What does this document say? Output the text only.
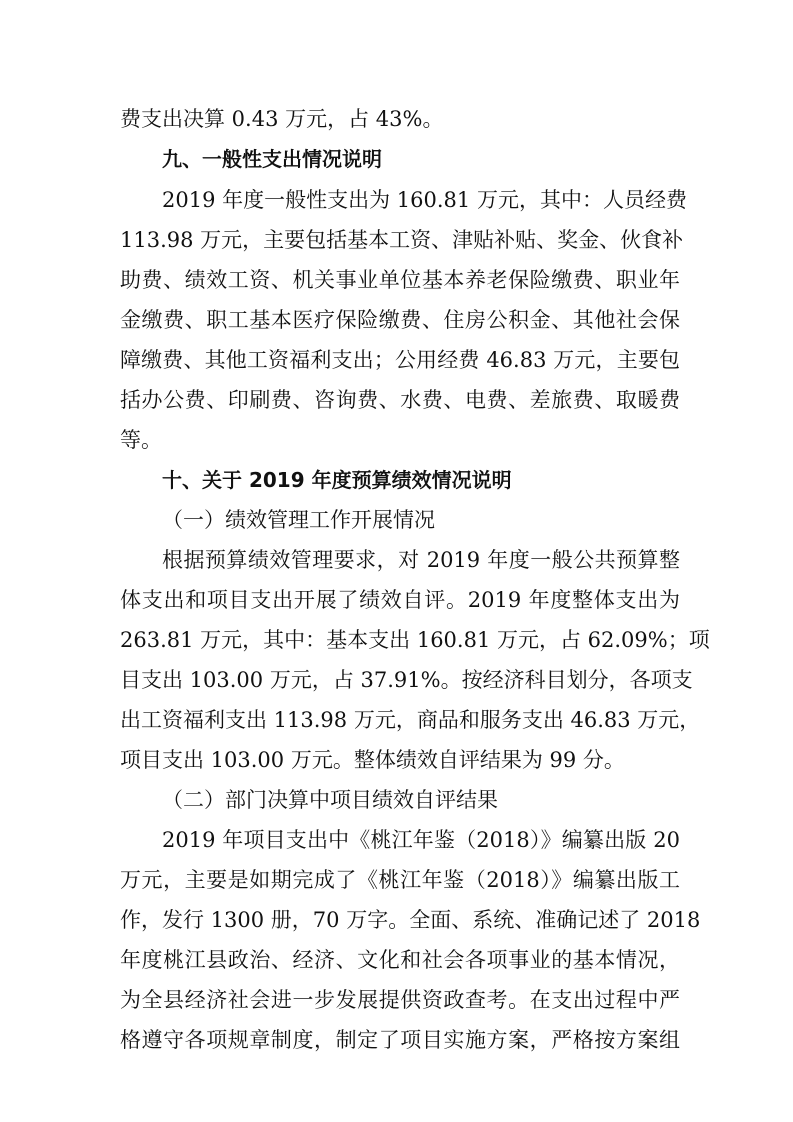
费支出决算 0.43 万元，占 43%。
九、一般性支出情况说明
2019 年度一般性支出为 160.81 万元，其中：人员经费
113.98 万元，主要包括基本工资、津贴补贴、奖金、伙食补
助费、绩效工资、机关事业单位基本养老保险缴费、职业年
金缴费、职工基本医疗保险缴费、住房公积金、其他社会保
障缴费、其他工资福利支出；公用经费 46.83 万元，主要包
括办公费、印刷费、咨询费、水费、电费、差旅费、取暖费
等。
十、关于 2019 年度预算绩效情况说明
（一）绩效管理工作开展情况
根据预算绩效管理要求，对 2019 年度一般公共预算整
体支出和项目支出开展了绩效自评。2019 年度整体支出为
263.81 万元，其中：基本支出 160.81 万元，占 62.09%；项
目支出 103.00 万元，占 37.91%。按经济科目划分，各项支
出工资福利支出 113.98 万元，商品和服务支出 46.83 万元，
项目支出 103.00 万元。整体绩效自评结果为 99 分。
（二）部门决算中项目绩效自评结果
2019 年项目支出中《桃江年鉴（2018）》编纂出版 20
万元，主要是如期完成了《桃江年鉴（2018）》编纂出版工
作，发行 1300 册，70 万字。全面、系统、准确记述了 2018
年度桃江县政治、经济、文化和社会各项事业的基本情况，
为全县经济社会进一步发展提供资政查考。在支出过程中严
格遵守各项规章制度，制定了项目实施方案，严格按方案组
